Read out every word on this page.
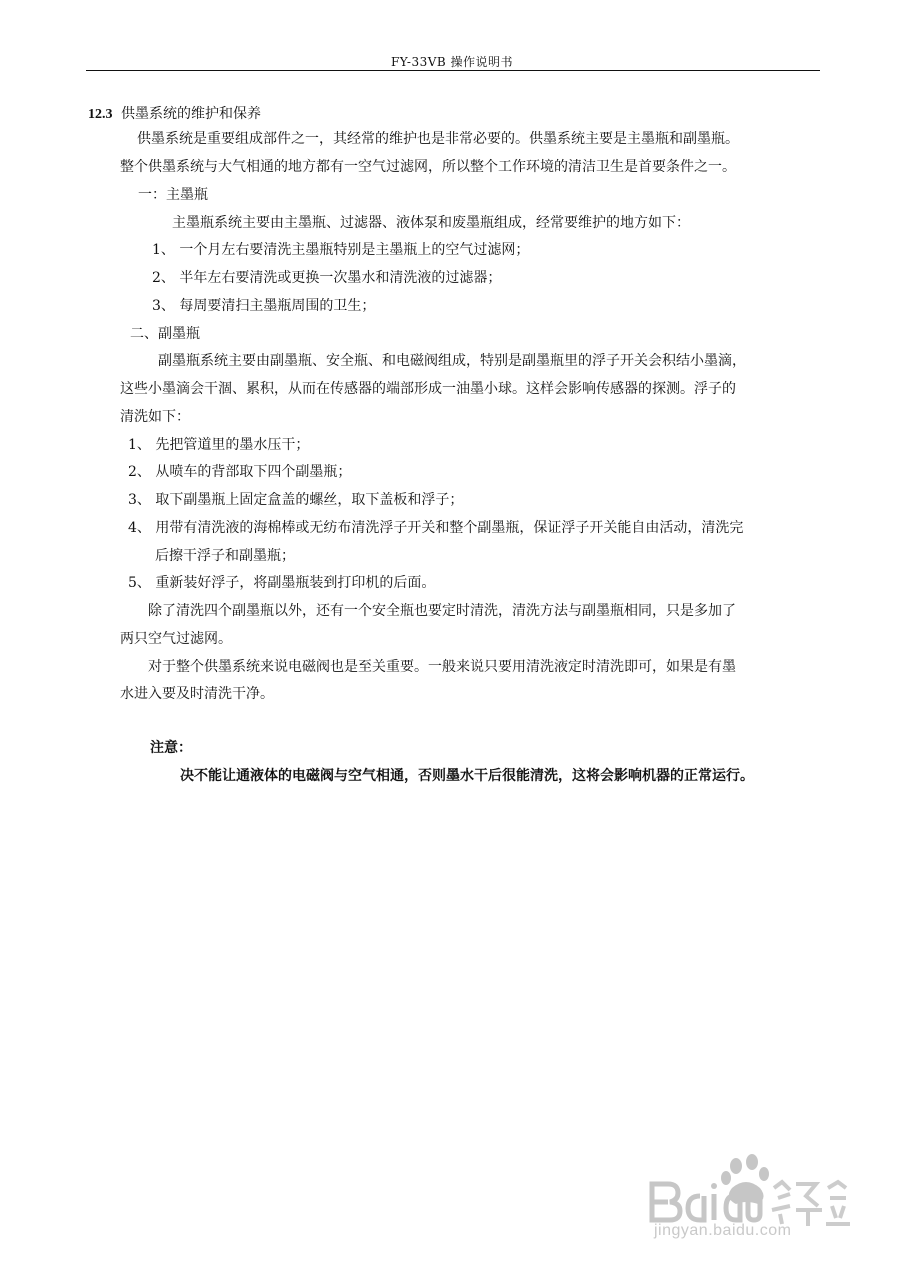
FY-33VB 操作说明书
12.3 供墨系统的维护和保养
供墨系统是重要组成部件之一，其经常的维护也是非常必要的。供墨系统主要是主墨瓶和副墨瓶。
整个供墨系统与大气相通的地方都有一空气过滤网，所以整个工作环境的清洁卫生是首要条件之一。
一：主墨瓶
主墨瓶系统主要由主墨瓶、过滤器、液体泵和废墨瓶组成，经常要维护的地方如下：
1、 一个月左右要清洗主墨瓶特别是主墨瓶上的空气过滤网；
2、 半年左右要清洗或更换一次墨水和清洗液的过滤器；
3、 每周要清扫主墨瓶周围的卫生；
二、副墨瓶
副墨瓶系统主要由副墨瓶、安全瓶、和电磁阀组成，特别是副墨瓶里的浮子开关会积结小墨滴，
这些小墨滴会干涸、累积，从而在传感器的端部形成一油墨小球。这样会影响传感器的探测。浮子的
清洗如下：
1、 先把管道里的墨水压干；
2、 从喷车的背部取下四个副墨瓶；
3、 取下副墨瓶上固定盒盖的螺丝，取下盖板和浮子；
4、 用带有清洗液的海棉棒或无纺布清洗浮子开关和整个副墨瓶，保证浮子开关能自由活动，清洗完
后擦干浮子和副墨瓶；
5、 重新装好浮子，将副墨瓶装到打印机的后面。
除了清洗四个副墨瓶以外，还有一个安全瓶也要定时清洗，清洗方法与副墨瓶相同，只是多加了
两只空气过滤网。
对于整个供墨系统来说电磁阀也是至关重要。一般来说只要用清洗液定时清洗即可，如果是有墨
水进入要及时清洗干净。
注意：
决不能让通液体的电磁阀与空气相通，否则墨水干后很能清洗，这将会影响机器的正常运行。
jingyan.baidu.com
